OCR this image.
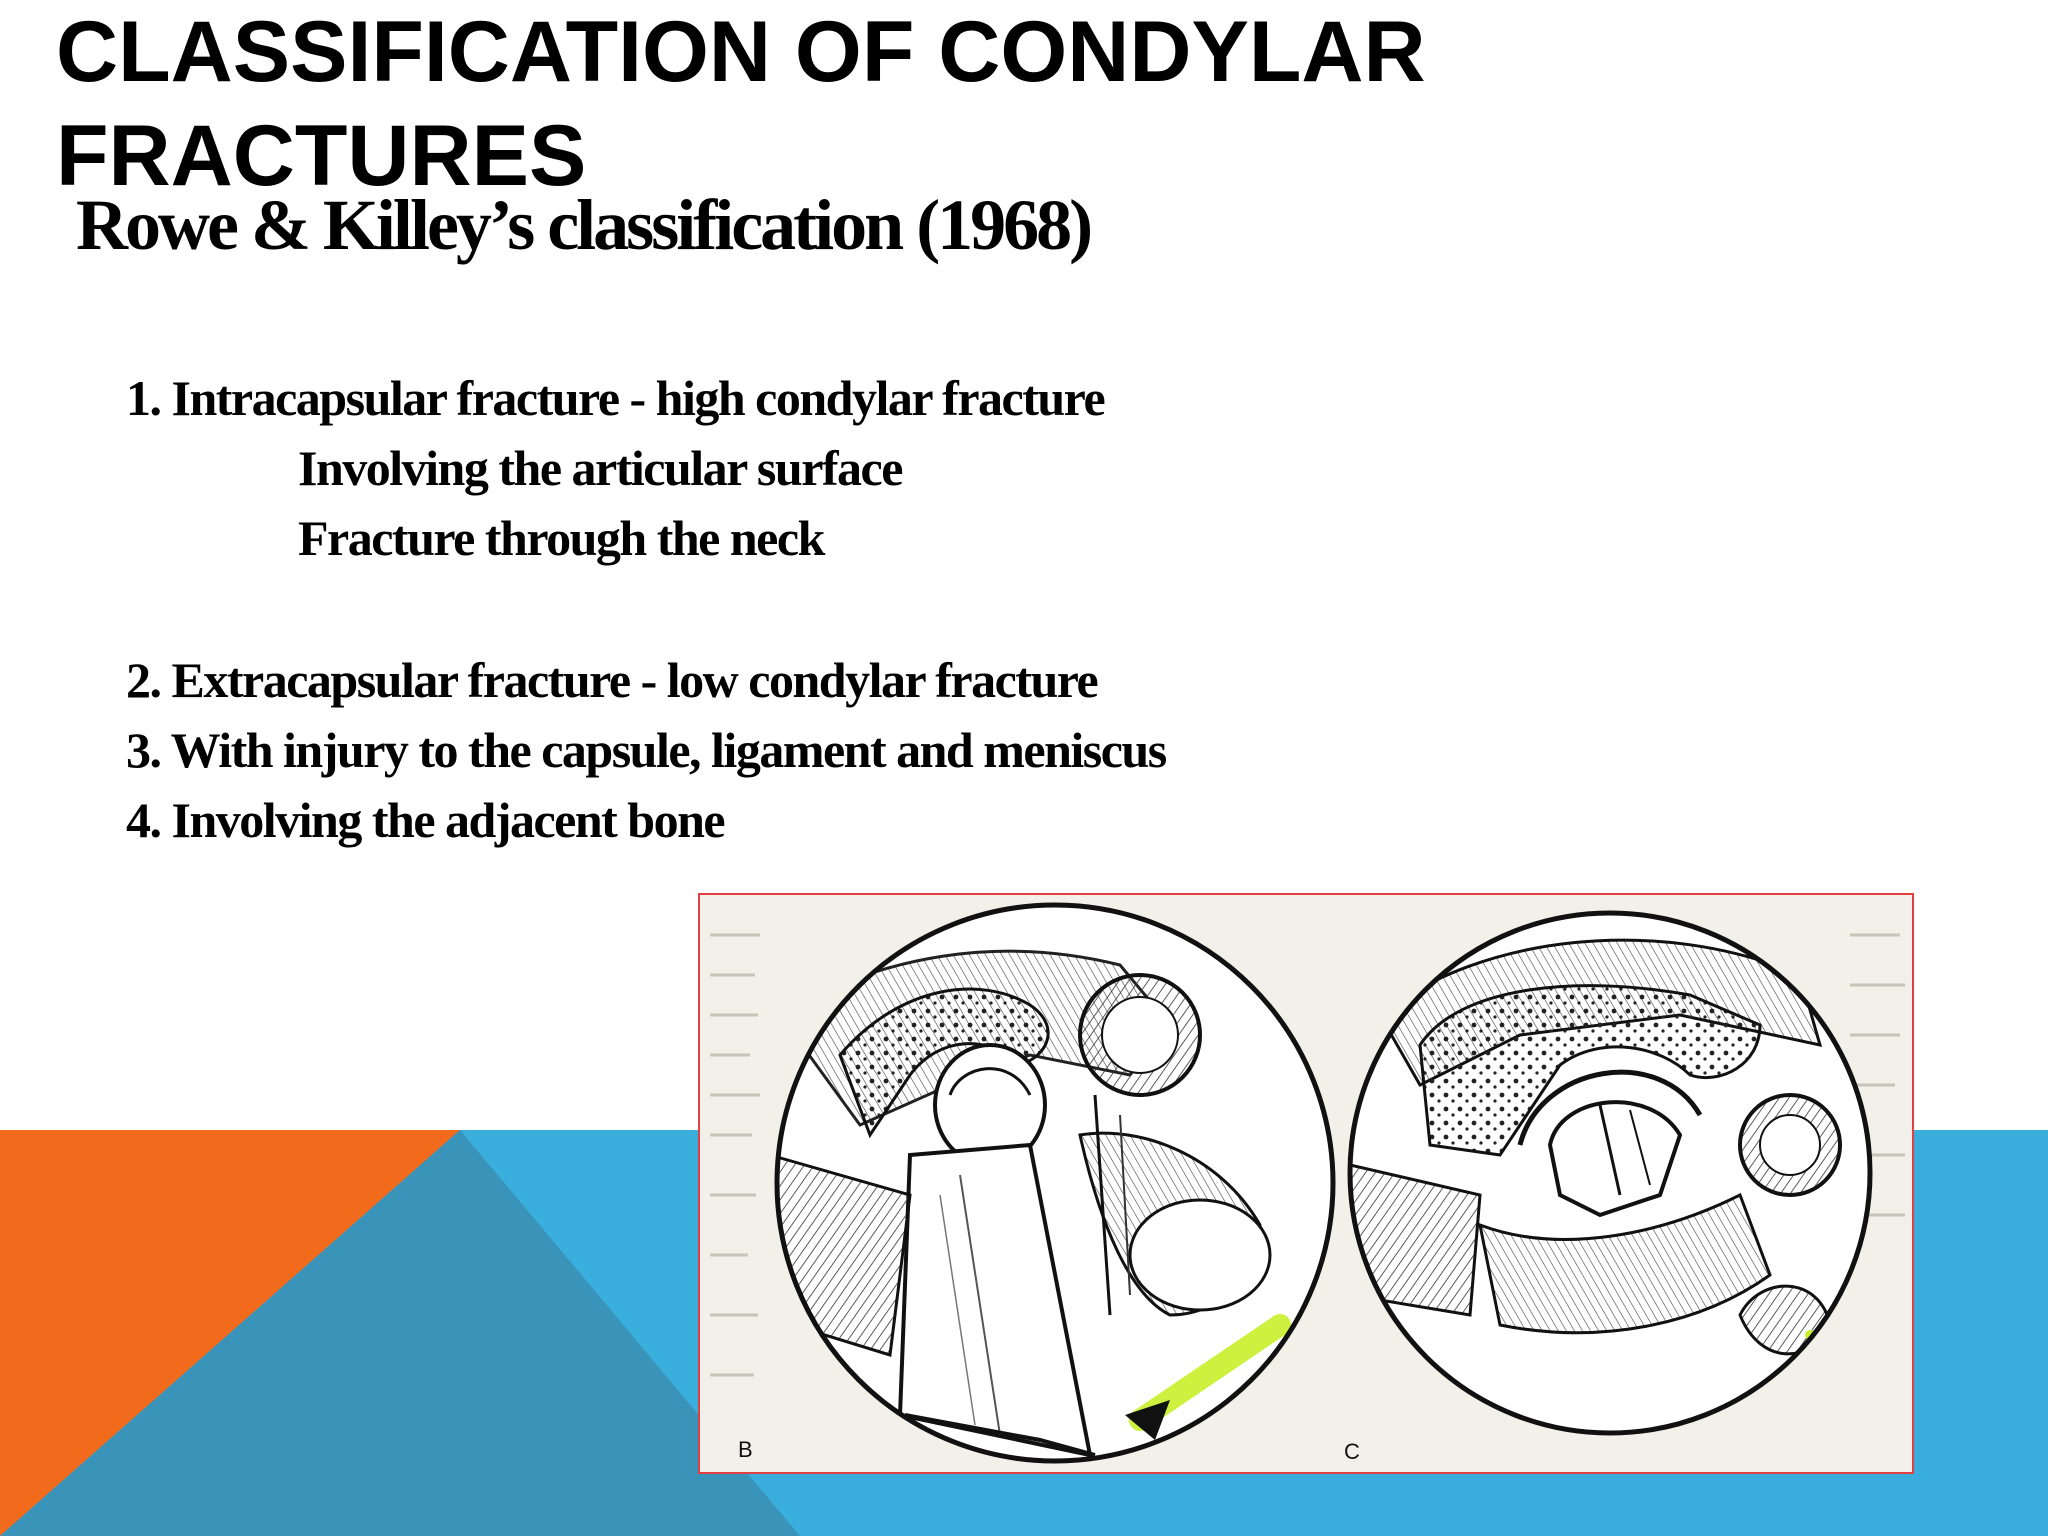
CLASSIFICATION OF CONDYLAR FRACTURES
Rowe & Killey’s classification (1968)
1. Intracapsular fracture - high condylar fracture
Involving the articular surface
Fracture through the neck
2. Extracapsular fracture - low condylar fracture
3. With injury to the capsule, ligament and meniscus
4. Involving the adjacent bone
B	C
